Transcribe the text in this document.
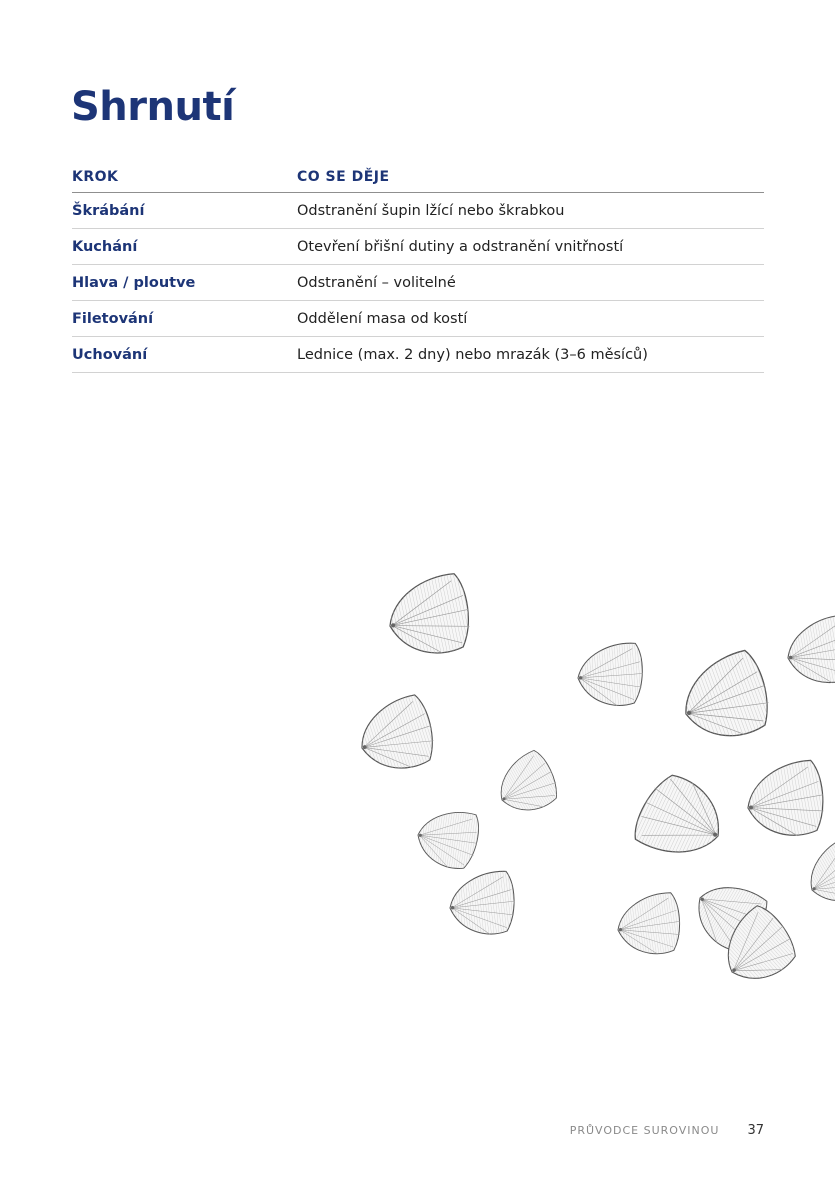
Shrnutí
KROK	CO SE DĚJE
Škrábání	Odstranění šupin lžící nebo škrabkou
Kuchání	Otevření břišní dutiny a odstranění vnitřností
Hlava / ploutve	Odstranění – volitelné
Filetování	Oddělení masa od kostí
Uchování	Lednice (max. 2 dny) nebo mrazák (3–6 měsíců)
PRŮVODCE SUROVINOU 37
